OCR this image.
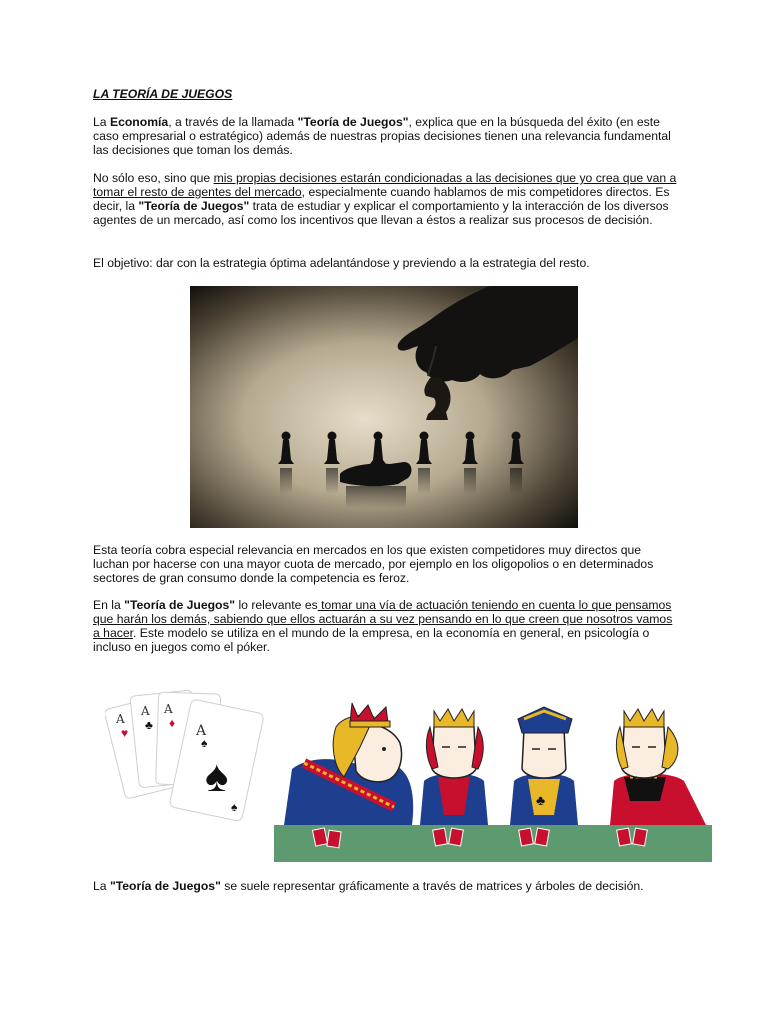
LA TEORÍA DE JUEGOS
La Economía, a través de la llamada "Teoría de Juegos", explica que en la búsqueda del éxito (en este caso empresarial o estratégico) además de nuestras propias decisiones tienen una relevancia fundamental las decisiones que toman los demás.
No sólo eso, sino que mis propias decisiones estarán condicionadas a las decisiones que yo crea que van a tomar el resto de agentes del mercado, especialmente cuando hablamos de mis competidores directos. Es decir, la "Teoría de Juegos" trata de estudiar y explicar el comportamiento y la interacción de los diversos agentes de un mercado, así como los incentivos que llevan a éstos a realizar sus procesos de decisión.
El objetivo: dar con la estrategia óptima adelantándose y previendo a la estrategia del resto.
Esta teoría cobra especial relevancia en mercados en los que existen competidores muy directos que luchan por hacerse con una mayor cuota de mercado, por ejemplo en los oligopolios o en determinados sectores de gran consumo donde la competencia es feroz.
En la "Teoría de Juegos" lo relevante es tomar una vía de actuación teniendo en cuenta lo que pensamos que harán los demás, sabiendo que ellos actuarán a su vez pensando en lo que creen que nosotros vamos a hacer. Este modelo se utiliza en el mundo de la empresa, en la economía en general, en psicología o incluso en juegos como el póker.
A
A A
A
♥
♣ ♦
♠
♠
♠	♣
La "Teoría de Juegos" se suele representar gráficamente a través de matrices y árboles de decisión.
